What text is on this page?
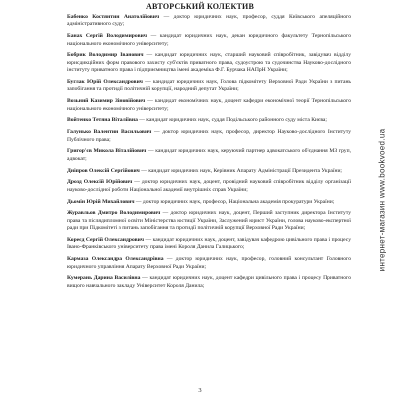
АВТОРСЬКИЙ КОЛЕКТИВ

Бабенко Костянтин Анатолійович — доктор юридичних наук, професор, суддя Київського апеляційного адміністративного суду;

Банах Сергій Володимирович — кандидат юридичних наук, декан юридичного факультету Тернопільського національного економічного університету;

Бобрик Володимир Іванович — кандидат юридичних наук, старший науковий співробітник, завідувач відділу юрисдикційних форм правового захисту суб'єктів приватного права, судоустрою та судочинства Науково-дослідного інституту приватного права і підприємництва імені академіка Ф.Г. Бурчака НАПрН України;

Буглак Юрій Олександрович — кандидат юридичних наук, Голова підкомітету Верховної Ради України з питань запобігання та протидії політичній корупції, народний депутат України;

Возьний Казимир Зіновійович — кандидат економічних наук, доцент кафедри економічної теорії Тернопільського національного економічного університету;

Войтенко Тетяна Віталіївна — кандидат юридичних наук, суддя Подільського районного суду міста Києва;

Галунько Валентин Васильович — доктор юридичних наук, професор, директор Науково-дослідного Інституту Публічного права;

Григор'єв Микола Віталійович — кандидат юридичних наук, керуючий партнер адвокатського об'єднання МЗ груп, адвокат;

Дніпров Олексій Сергійович — кандидат юридичних наук, Керівник Апарату Адміністрації Президента України;

Дрозд Олексій Юрійович — доктор юридичних наук, доцент, провідний науковий співробітник відділу організації науково-дослідної роботи Національної академії внутрішніх справ України;

Дьомін Юрій Михайлович — доктор юридичних наук, професор, Національна академія прокуратури України;

Журавльов Дмитро Володимирович — доктор юридичних наук, доцент, Перший заступник директора Інституту права та післядипломної освіти Міністерства юстиції України, Заслужений юрист України, голова науково-експертної ради при Підкомітеті з питань запобігання та протидії політичній корупції Верховної Ради України;

Кореєд Сергій Олександрович — кандидат юридичних наук, доцент, завідувач кафедрою цивільного права і процесу Івано-Франківського університету права імені Короля Данила Галицького;

Кармаза Олександра Олександрівна — доктор юридичних наук, професор, головний консультант Головного юридичного управління Апарату Верховної Ради України;

Кумерань Дарина Василівна — кандидат юридичних наук, доцент кафедри цивільного права і процесу Приватного вищого навчального закладу Університет Короля Данила;

3
интернет-магазин www.bookvoed.ua
